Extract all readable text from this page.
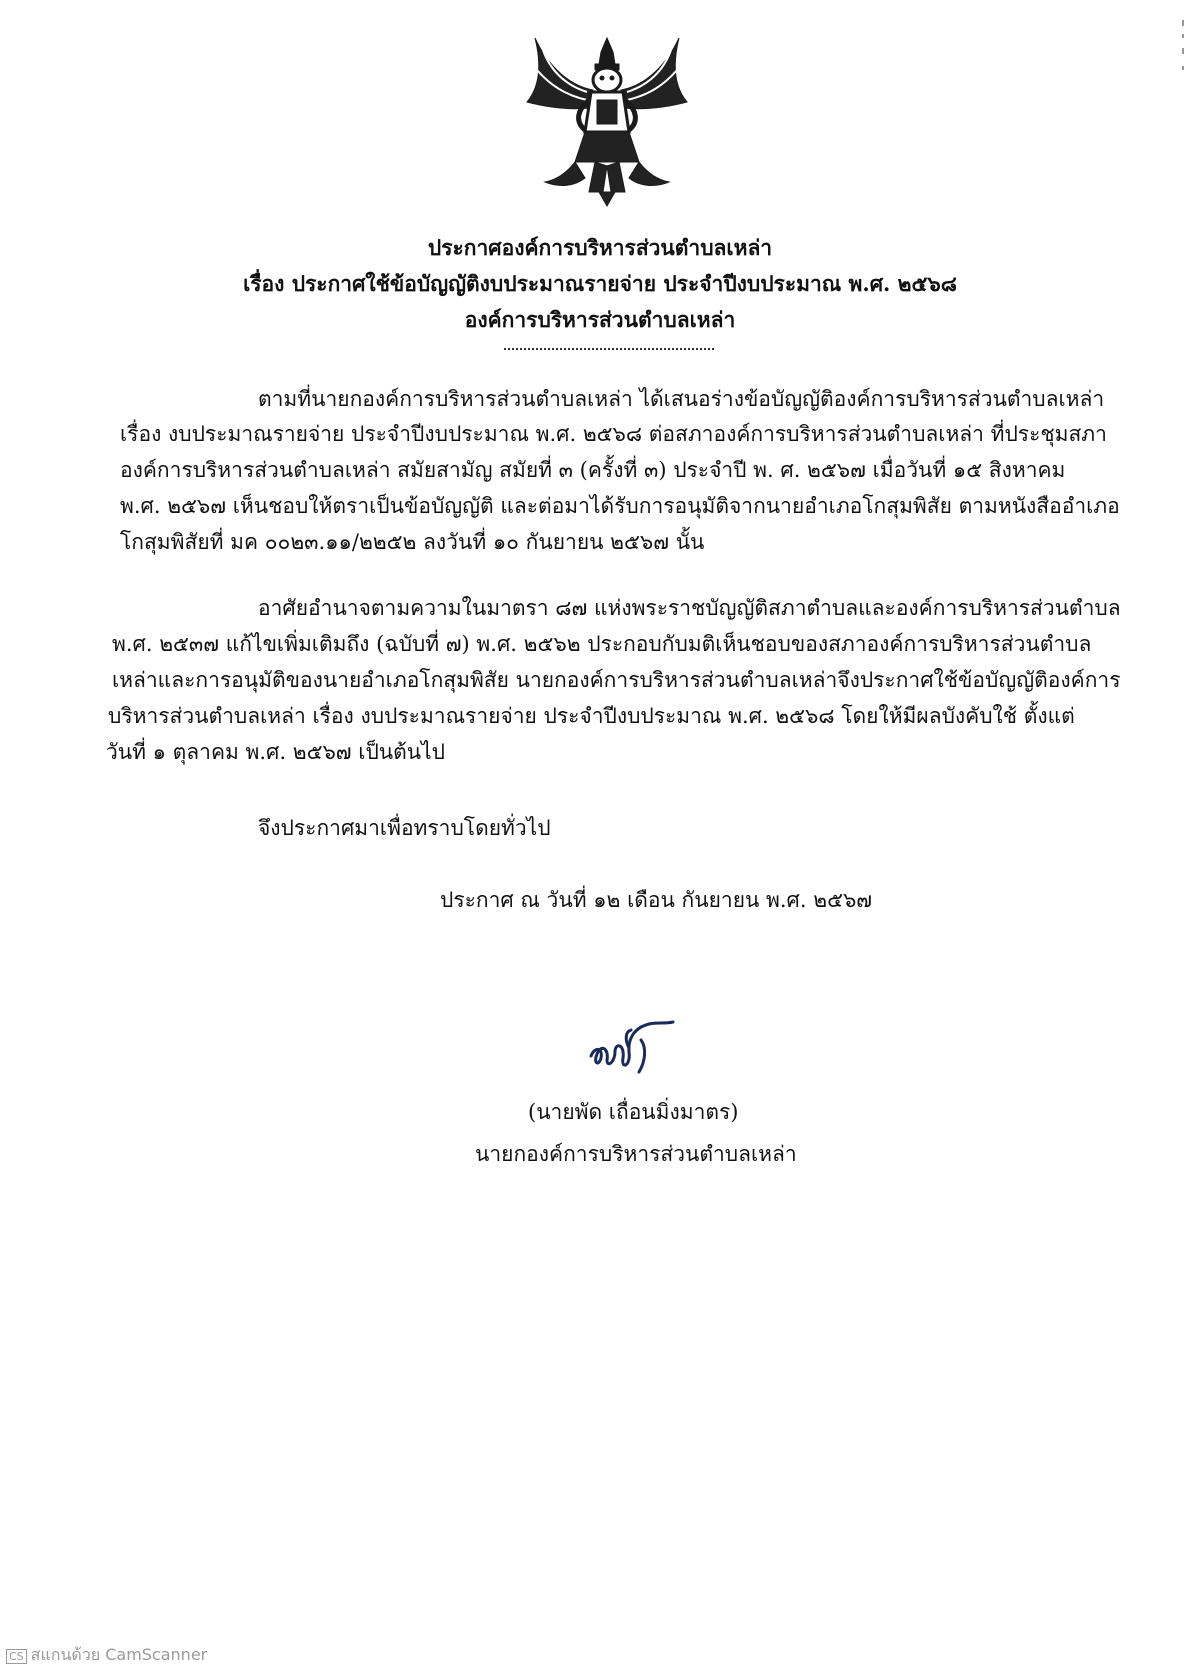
ประกาศองค์การบริหารส่วนตำบลเหล่า
เรื่อง ประกาศใช้ข้อบัญญัติงบประมาณรายจ่าย ประจำปีงบประมาณ พ.ศ. ๒๕๖๘
องค์การบริหารส่วนตำบลเหล่า
ตามที่นายกองค์การบริหารส่วนตำบลเหล่า ได้เสนอร่างข้อบัญญัติองค์การบริหารส่วนตำบลเหล่า
เรื่อง งบประมาณรายจ่าย ประจำปีงบประมาณ พ.ศ. ๒๕๖๘ ต่อสภาองค์การบริหารส่วนตำบลเหล่า ที่ประชุมสภา
องค์การบริหารส่วนตำบลเหล่า สมัยสามัญ สมัยที่ ๓ (ครั้งที่ ๓) ประจำปี พ. ศ. ๒๕๖๗ เมื่อวันที่ ๑๕ สิงหาคม
พ.ศ. ๒๕๖๗ เห็นชอบให้ตราเป็นข้อบัญญัติ และต่อมาได้รับการอนุมัติจากนายอำเภอโกสุมพิสัย ตามหนังสืออำเภอ
โกสุมพิสัยที่ มค ๐๐๒๓.๑๑/๒๒๕๒ ลงวันที่ ๑๐ กันยายน ๒๕๖๗ นั้น
อาศัยอำนาจตามความในมาตรา ๘๗ แห่งพระราชบัญญัติสภาตำบลและองค์การบริหารส่วนตำบล
พ.ศ. ๒๕๓๗ แก้ไขเพิ่มเติมถึง (ฉบับที่ ๗) พ.ศ. ๒๕๖๒ ประกอบกับมติเห็นชอบของสภาองค์การบริหารส่วนตำบล
เหล่าและการอนุมัติของนายอำเภอโกสุมพิสัย นายกองค์การบริหารส่วนตำบลเหล่าจึงประกาศใช้ข้อบัญญัติองค์การ
บริหารส่วนตำบลเหล่า เรื่อง งบประมาณรายจ่าย ประจำปีงบประมาณ พ.ศ. ๒๕๖๘ โดยให้มีผลบังคับใช้ ตั้งแต่
วันที่ ๑ ตุลาคม พ.ศ. ๒๕๖๗ เป็นต้นไป
จึงประกาศมาเพื่อทราบโดยทั่วไป
ประกาศ ณ วันที่ ๑๒ เดือน กันยายน พ.ศ. ๒๕๖๗
(นายพัด เถื่อนมิ่งมาตร)
นายกองค์การบริหารส่วนตำบลเหล่า
CS สแกนด้วย CamScanner
